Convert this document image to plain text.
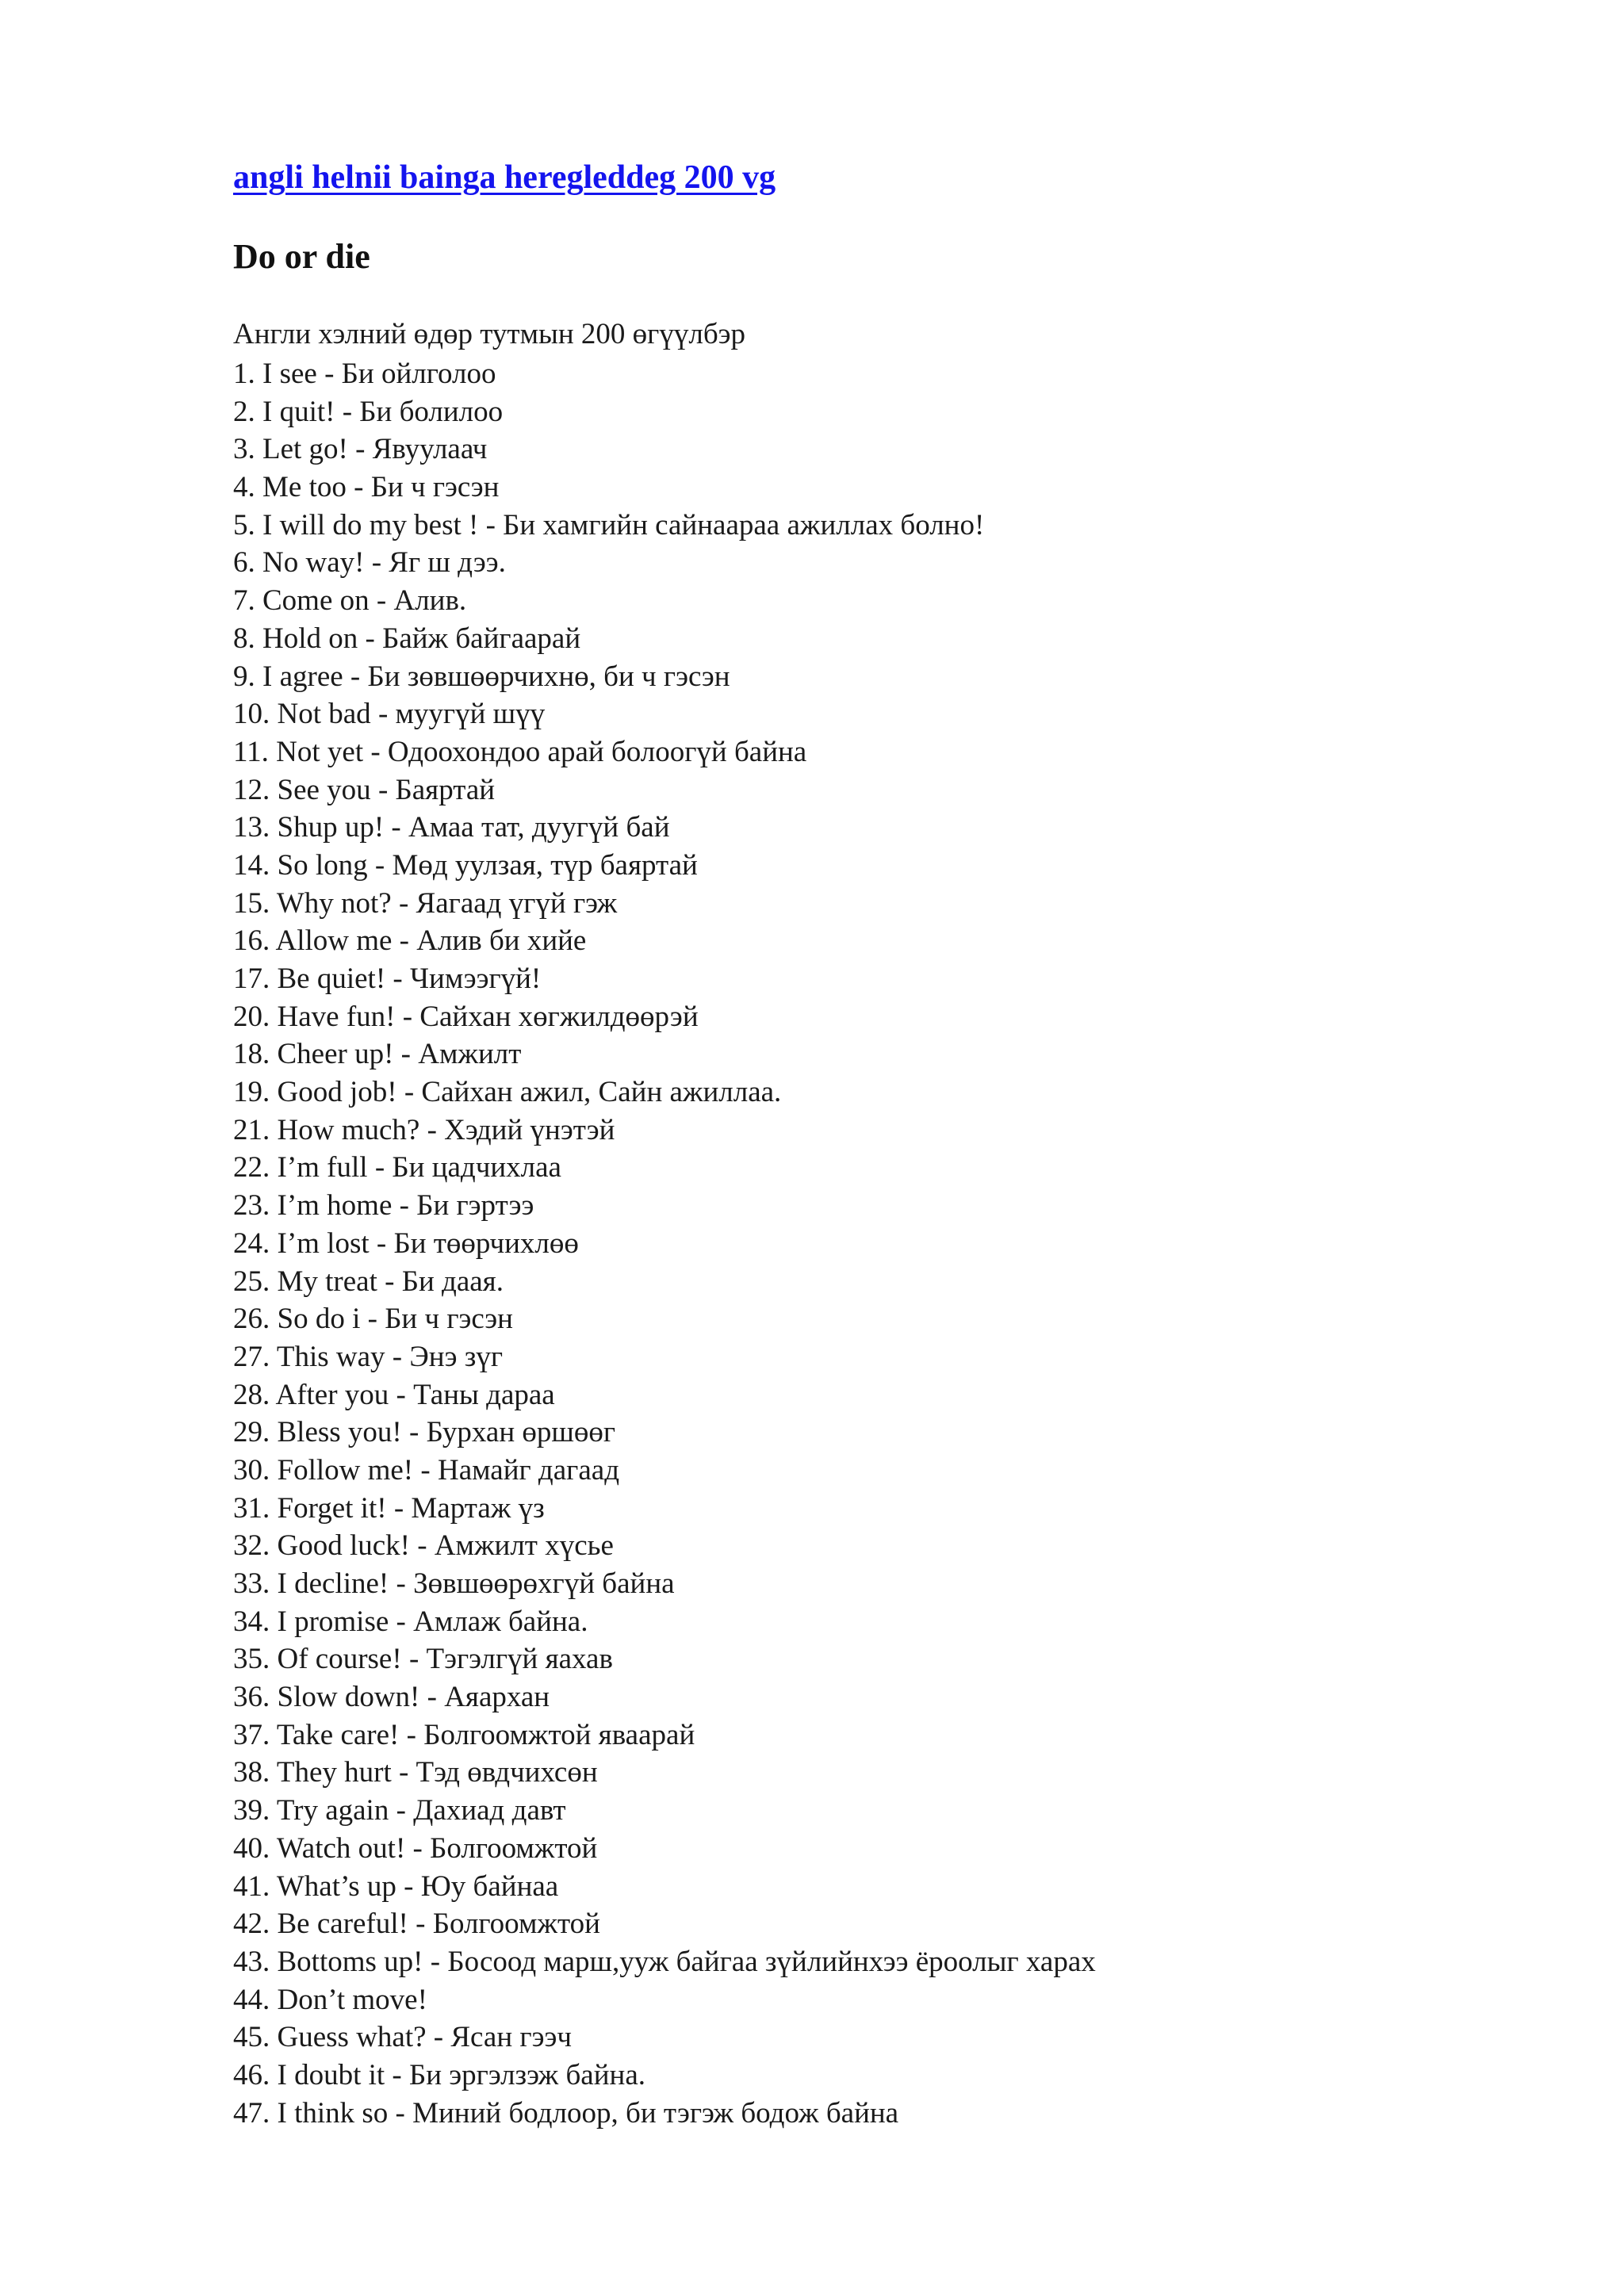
angli helnii bainga heregleddeg 200 vg
Do or die
Англи хэлний өдөр тутмын 200 өгүүлбэр
1. I see - Би ойлголоо
2. I quit! - Би болилоо
3. Let go! - Явуулаач
4. Me too - Би ч гэсэн
5. I will do my best ! - Би хамгийн сайнаараа ажиллах болно!
6. No way! - Яг ш дээ.
7. Come on - Алив.
8. Hold on - Байж байгаарай
9. I agree - Би зөвшөөрчихнө, би ч гэсэн
10. Not bad - муугүй шүү
11. Not yet - Одоохондоо арай болоогүй байна
12. See you - Баяртай
13. Shup up! - Амаа тат, дуугүй бай
14. So long - Мөд уулзая, түр баяртай
15. Why not? - Яагаад үгүй гэж
16. Allow me - Алив би хийе
17. Be quiet! - Чимээгүй!
20. Have fun! - Сайхан хөгжилдөөрэй
18. Cheer up! - Амжилт
19. Good job! - Сайхан ажил, Сайн ажиллаа.
21. How much? - Хэдий үнэтэй
22. I’m full - Би цадчихлаа
23. I’m home - Би гэртээ
24. I’m lost - Би төөрчихлөө
25. My treat - Би даая.
26. So do i - Би ч гэсэн
27. This way - Энэ зүг
28. After you - Таны дараа
29. Bless you! - Бурхан өршөөг
30. Follow me! - Намайг дагаад
31. Forget it! - Мартаж үз
32. Good luck! - Амжилт хүсье
33. I decline! - Зөвшөөрөхгүй байна
34. I promise - Амлаж байна.
35. Of course! - Тэгэлгүй яахав
36. Slow down! - Аяархан
37. Take care! - Болгоомжтой яваарай
38. They hurt - Тэд өвдчихсөн
39. Try again - Дахиад давт
40. Watch out! - Болгоомжтой
41. What’s up - Юу байнаа
42. Be careful! - Болгоомжтой
43. Bottoms up! - Босоод марш,ууж байгаа зүйлийнхээ ёроолыг харах
44. Don’t move!
45. Guess what? - Ясан гээч
46. I doubt it - Би эргэлзэж байна.
47. I think so - Миний бодлоор, би тэгэж бодож байна
